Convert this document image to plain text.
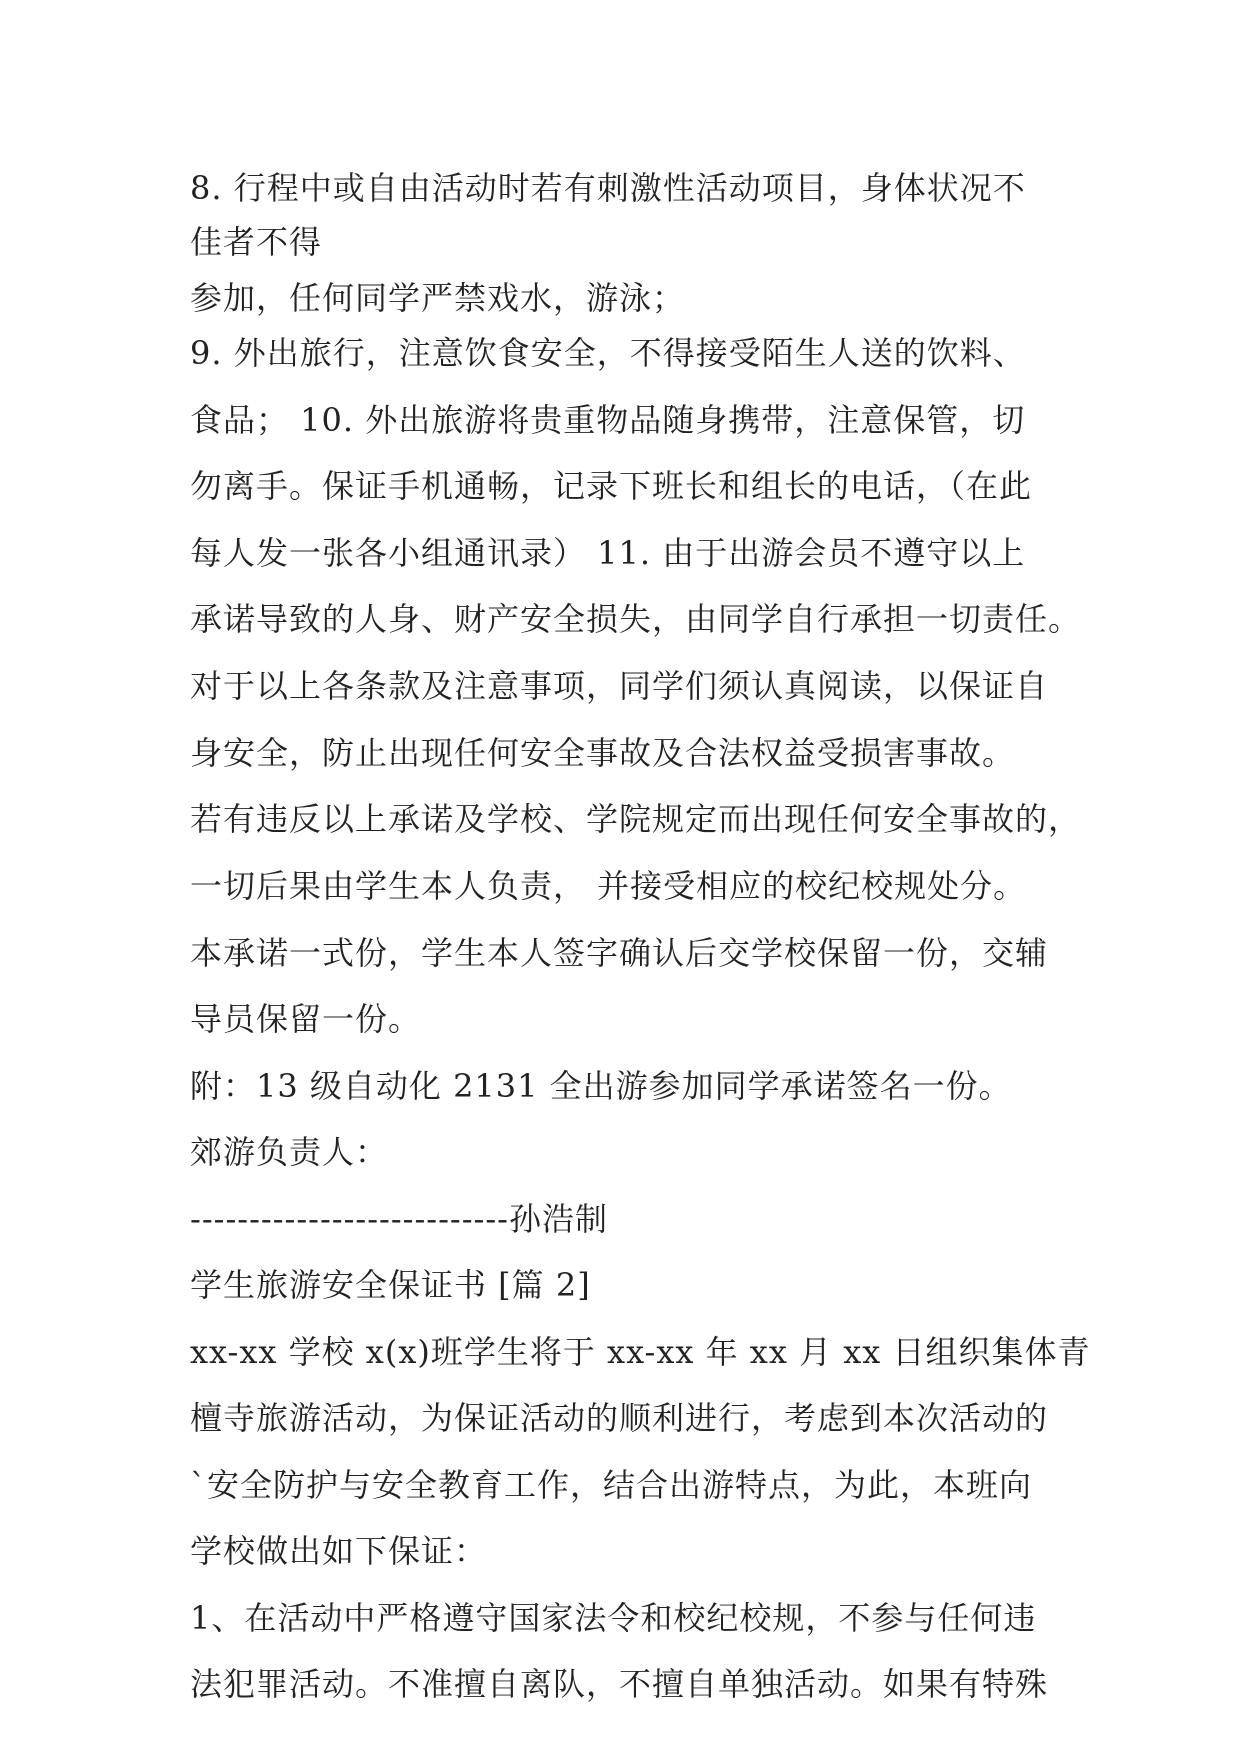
8. 行程中或自由活动时若有刺激性活动项目，身体状况不
佳者不得
参加，任何同学严禁戏水，游泳；
9. 外出旅行，注意饮食安全，不得接受陌生人送的饮料、
食品； 10. 外出旅游将贵重物品随身携带，注意保管，切
勿离手。保证手机通畅，记录下班长和组长的电话，（在此
每人发一张各小组通讯录） 11. 由于出游会员不遵守以上
承诺导致的人身、财产安全损失，由同学自行承担一切责任。
对于以上各条款及注意事项，同学们须认真阅读，以保证自
身安全，防止出现任何安全事故及合法权益受损害事故。
若有违反以上承诺及学校、学院规定而出现任何安全事故的，
一切后果由学生本人负责， 并接受相应的校纪校规处分。
本承诺一式份，学生本人签字确认后交学校保留一份，交辅
导员保留一份。
附：13 级自动化 2131 全出游参加同学承诺签名一份。
郊游负责人：
---------------------------孙浩制
学生旅游安全保证书 [篇 2]
xx-xx 学校 x(x)班学生将于 xx-xx 年 xx 月 xx 日组织集体青
檀寺旅游活动，为保证活动的顺利进行，考虑到本次活动的
`安全防护与安全教育工作，结合出游特点，为此，本班向
学校做出如下保证：
1、在活动中严格遵守国家法令和校纪校规，不参与任何违
法犯罪活动。不准擅自离队，不擅自单独活动。如果有特殊
